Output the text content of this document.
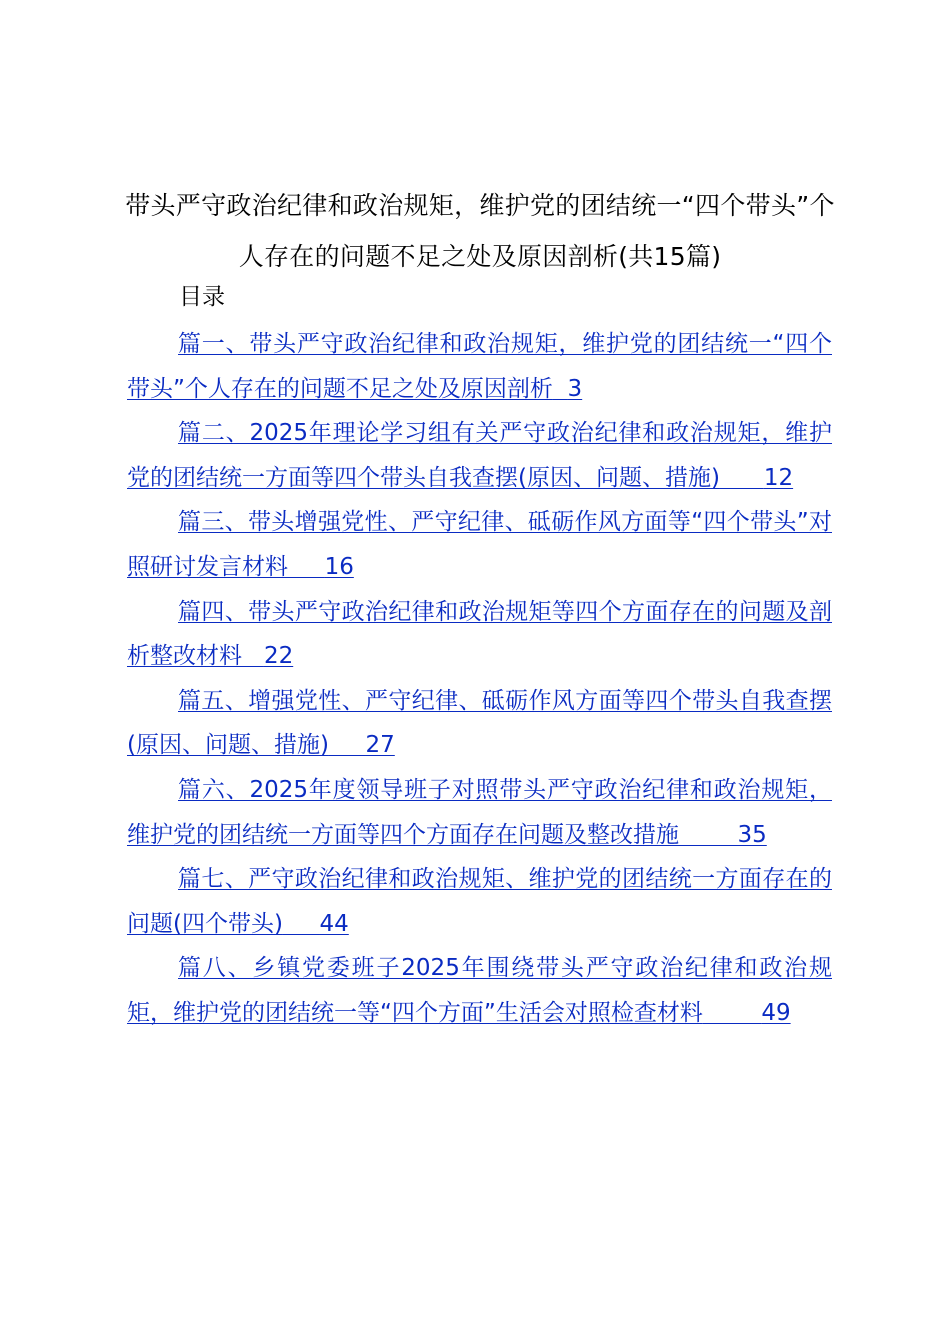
带头严守政治纪律和政治规矩，维护党的团结统一“四个带头”个人存在的问题不足之处及原因剖析(共15篇)
目录
篇一、带头严守政治纪律和政治规矩，维护党的团结统一“四个带头”个人存在的问题不足之处及原因剖析 3
篇二、2025年理论学习组有关严守政治纪律和政治规矩，维护党的团结统一方面等四个带头自我查摆(原因、问题、措施) 12
篇三、带头增强党性、严守纪律、砥砺作风方面等“四个带头”对照研讨发言材料 16
篇四、带头严守政治纪律和政治规矩等四个方面存在的问题及剖析整改材料 22
篇五、增强党性、严守纪律、砥砺作风方面等四个带头自我查摆(原因、问题、措施) 27
篇六、2025年度领导班子对照带头严守政治纪律和政治规矩，维护党的团结统一方面等四个方面存在问题及整改措施	35
篇七、严守政治纪律和政治规矩、维护党的团结统一方面存在的问题(四个带头) 44
篇八、乡镇党委班子2025年围绕带头严守政治纪律和政治规矩，维护党的团结统一等“四个方面”生活会对照检查材料	49
